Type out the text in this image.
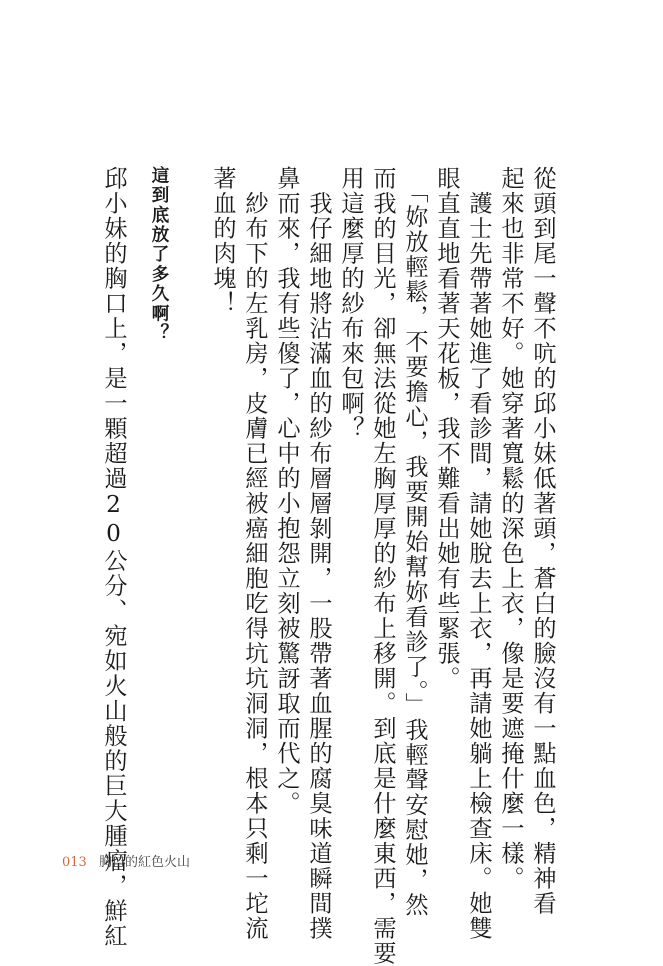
從頭到尾一聲不吭的邱小妹低著頭，蒼白的臉沒有一點血色，精神看
起來也非常不好。她穿著寬鬆的深色上衣，像是要遮掩什麼一樣。
　護士先帶著她進了看診間，請她脫去上衣，再請她躺上檢查床。她雙
眼直直地看著天花板，我不難看出她有些緊張。
　「妳放輕鬆，不要擔心，我要開始幫妳看診了。」我輕聲安慰她，然
而我的目光，卻無法從她左胸厚厚的紗布上移開。到底是什麼東西，需要
用這麼厚的紗布來包啊？
　我仔細地將沾滿血的紗布層層剝開，一股帶著血腥的腐臭味道瞬間撲
鼻而來，我有些傻了，心中的小抱怨立刻被驚訝取而代之。
　紗布下的左乳房，皮膚已經被癌細胞吃得坑坑洞洞，根本只剩一坨流
著血的肉塊！
這到底放了多久啊？
邱小妹的胸口上，是一顆超過20公分、宛如火山般的巨大腫瘤，鮮紅
013 胸口的紅色火山
